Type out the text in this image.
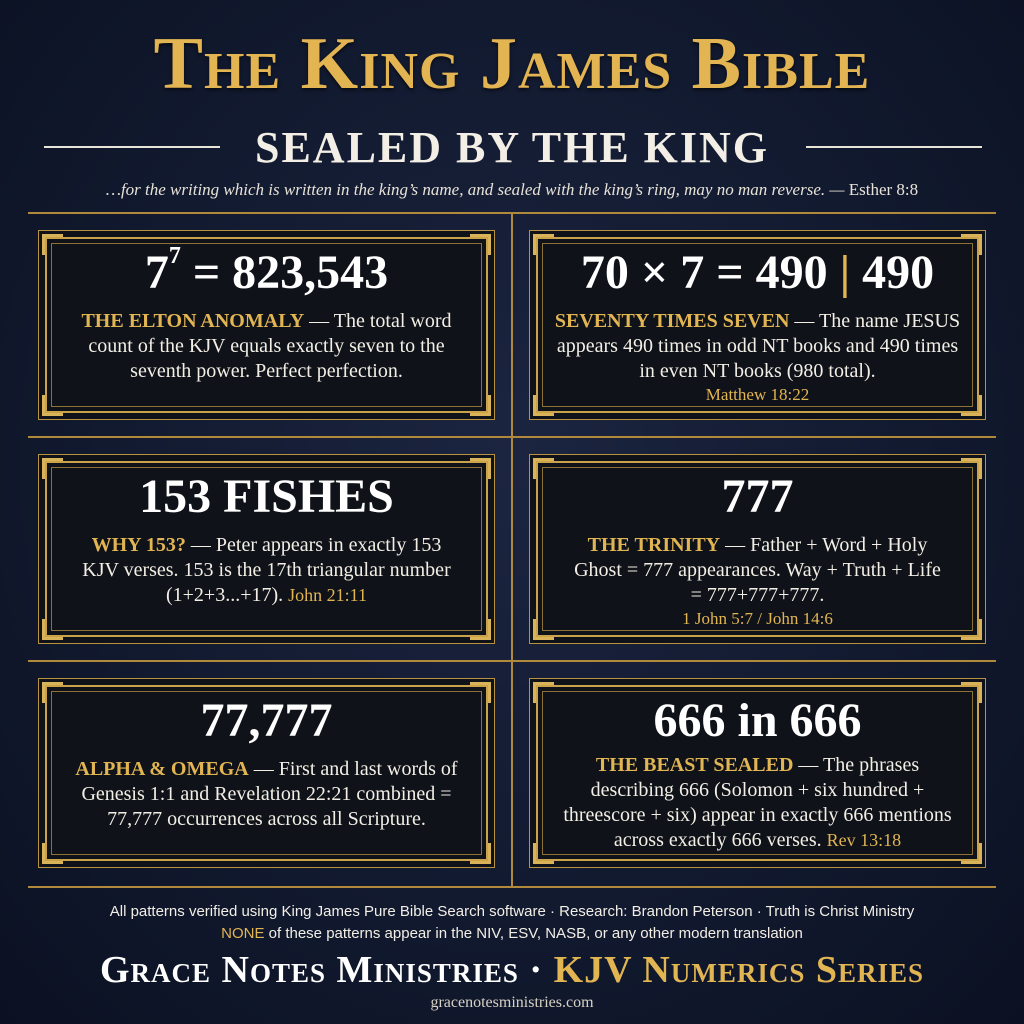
The King James Bible
SEALED BY THE KING
…for the writing which is written in the king’s name, and sealed with the king’s ring, may no man reverse. — Esther 8:8
$7^7 = 823,543$
THE ELTON ANOMALY — The total word count of the KJV equals exactly seven to the seventh power. Perfect perfection.
70 × 7 = 490 | 490
SEVENTY TIMES SEVEN — The name JESUS appears 490 times in odd NT books and 490 times in even NT books (980 total).
Matthew 18:22
153 FISHES
WHY 153? — Peter appears in exactly 153 KJV verses. 153 is the 17th triangular number (1+2+3...+17). John 21:11
777
THE TRINITY — Father + Word + Holy Ghost = 777 appearances. Way + Truth + Life = 777+777+777.
1 John 5:7 / John 14:6
77,777
ALPHA & OMEGA — First and last words of Genesis 1:1 and Revelation 22:21 combined = 77,777 occurrences across all Scripture.
666 in 666
THE BEAST SEALED — The phrases describing 666 (Solomon + six hundred + threescore + six) appear in exactly 666 mentions across exactly 666 verses. Rev 13:18
All patterns verified using King James Pure Bible Search software · Research: Brandon Peterson · Truth is Christ Ministry
NONE of these patterns appear in the NIV, ESV, NASB, or any other modern translation
Grace Notes Ministries · KJV Numerics Series
gracenotesministries.com
